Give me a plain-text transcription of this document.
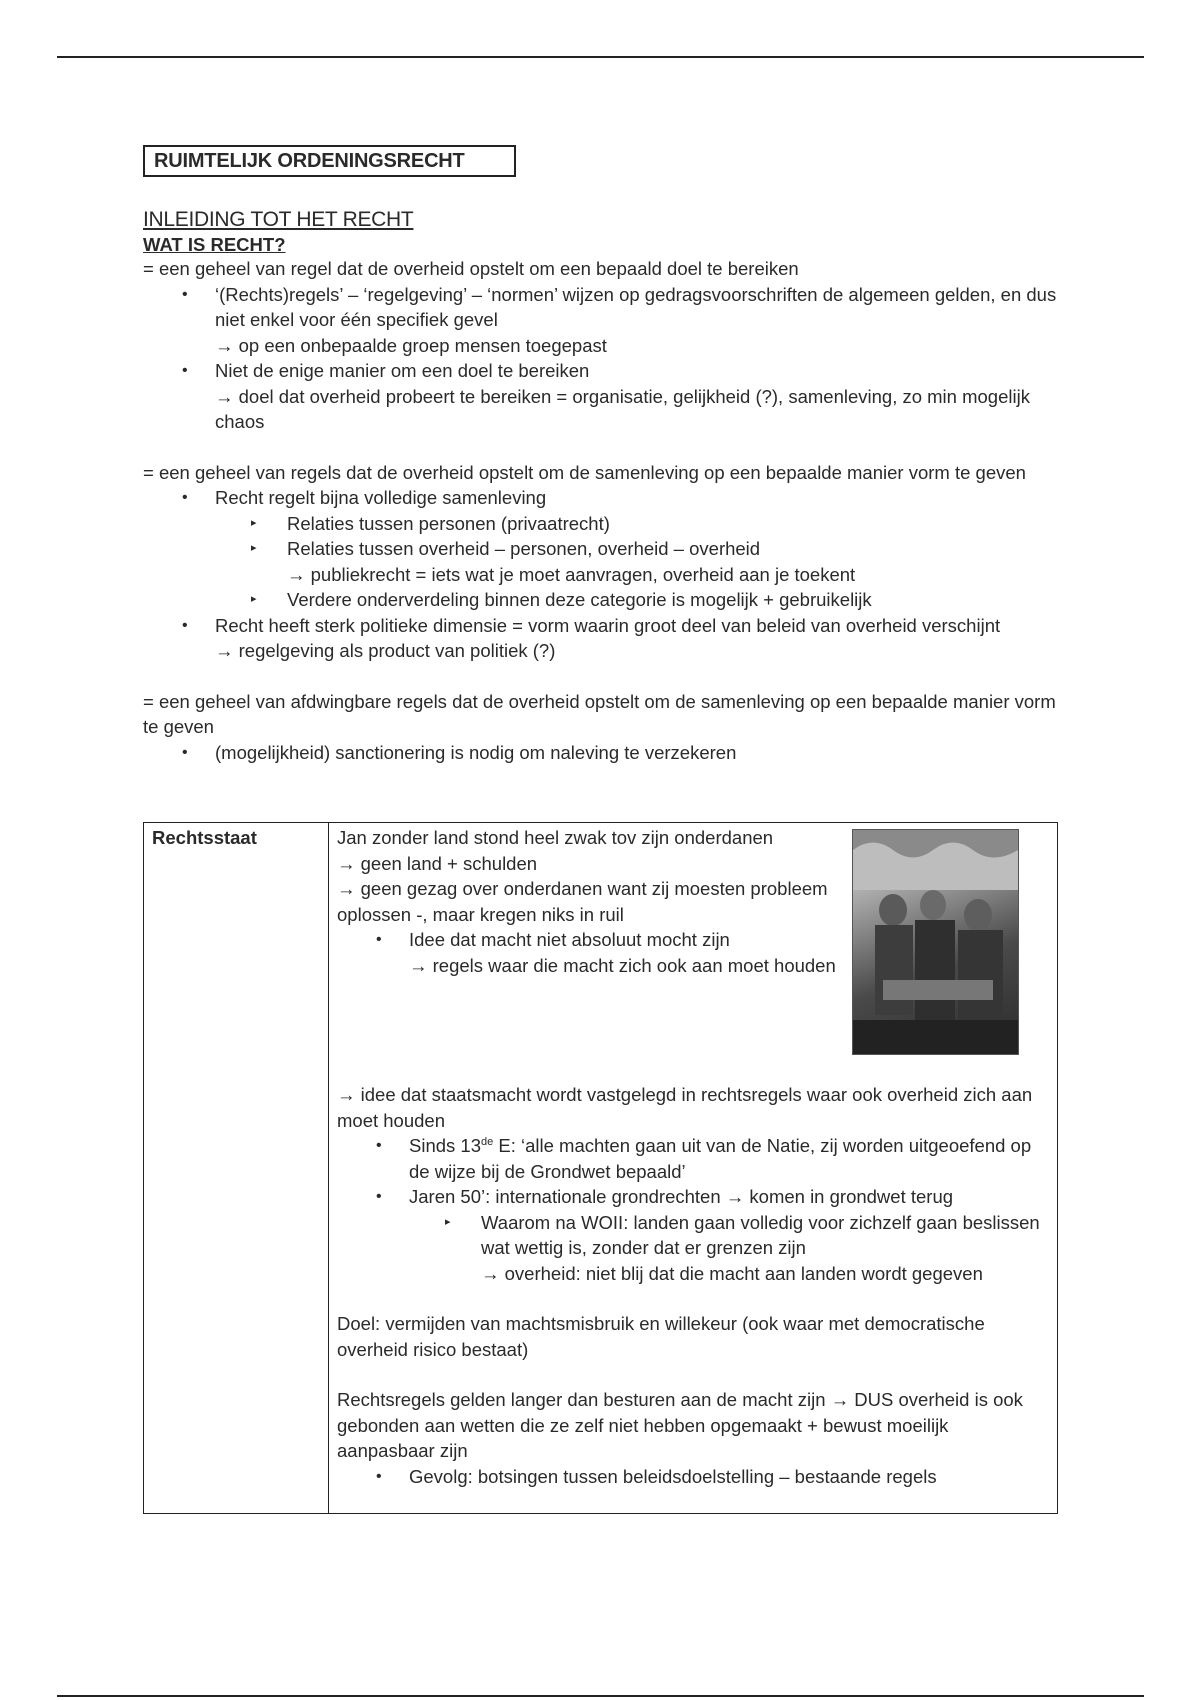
RUIMTELIJK ORDENINGSRECHT
INLEIDING TOT HET RECHT
WAT IS RECHT?

= een geheel van regel dat de overheid opstelt om een bepaald doel te bereiken

• ‘(Rechts)regels’ – ‘regelgeving’ – ‘normen’ wijzen op gedragsvoorschriften de algemeen gelden, en dus niet enkel voor één specifiek gevel
→ op een onbepaalde groep mensen toegepast
• Niet de enige manier om een doel te bereiken
→ doel dat overheid probeert te bereiken = organisatie, gelijkheid (?), samenleving, zo min mogelijk chaos

= een geheel van regels dat de overheid opstelt om de samenleving op een bepaalde manier vorm te geven

• Recht regelt bijna volledige samenleving
▸ Relaties tussen personen (privaatrecht)
▸ Relaties tussen overheid – personen, overheid – overheid
→ publiekrecht = iets wat je moet aanvragen, overheid aan je toekent
▸ Verdere onderverdeling binnen deze categorie is mogelijk + gebruikelijk
• Recht heeft sterk politieke dimensie = vorm waarin groot deel van beleid van overheid verschijnt
→ regelgeving als product van politiek (?)

= een geheel van afdwingbare regels dat de overheid opstelt om de samenleving op een bepaalde manier vorm te geven

• (mogelijkheid) sanctionering is nodig om naleving te verzekeren
Rechtsstaat	Jan zonder land stond heel zwak tov zijn onderdanen

→ geen land + schulden

→ geen gezag over onderdanen want zij moesten probleem oplossen -, maar kregen niks in ruil

• Idee dat macht niet absoluut mocht zijn
→ regels waar die macht zich ook aan moet houden

→ idee dat staatsmacht wordt vastgelegd in rechtsregels waar ook overheid zich aan moet houden

• Sinds 13de E: ‘alle machten gaan uit van de Natie, zij worden uitgeoefend op de wijze bij de Grondwet bepaald’
• Jaren 50’: internationale grondrechten → komen in grondwet terug
▸ Waarom na WOII: landen gaan volledig voor zichzelf gaan beslissen wat wettig is, zonder dat er grenzen zijn
→ overheid: niet blij dat die macht aan landen wordt gegeven

Doel: vermijden van machtsmisbruik en willekeur (ook waar met democratische overheid risico bestaat)

Rechtsregels gelden langer dan besturen aan de macht zijn → DUS overheid is ook gebonden aan wetten die ze zelf niet hebben opgemaakt + bewust moeilijk aanpasbaar zijn

• Gevolg: botsingen tussen beleidsdoelstelling – bestaande regels
